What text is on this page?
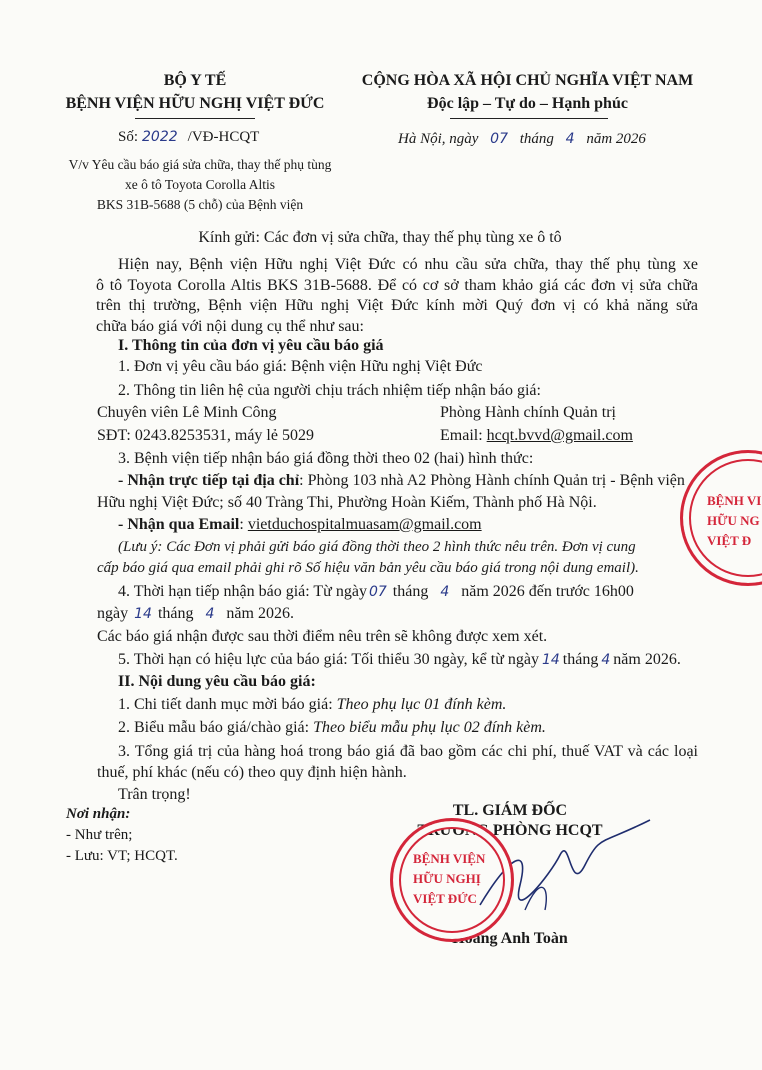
BỘ Y TẾ
BỆNH VIỆN HỮU NGHỊ VIỆT ĐỨC
CỘNG HÒA XÃ HỘI CHỦ NGHĨA VIỆT NAM
Độc lập – Tự do – Hạnh phúc
Số: 2022 /VĐ-HCQT	Hà Nội, ngày 07 tháng 4 năm 2026
V/v Yêu cầu báo giá sửa chữa, thay thế phụ tùng
xe ô tô Toyota Corolla Altis
BKS 31B-5688 (5 chỗ) của Bệnh viện
Kính gửi: Các đơn vị sửa chữa, thay thế phụ tùng xe ô tô
Hiện nay, Bệnh viện Hữu nghị Việt Đức có nhu cầu sửa chữa, thay thế phụ tùng xe
ô tô Toyota Corolla Altis BKS 31B-5688. Để có cơ sở tham khảo giá các đơn vị sửa chữa
trên thị trường, Bệnh viện Hữu nghị Việt Đức kính mời Quý đơn vị có khả năng sửa
chữa báo giá với nội dung cụ thể như sau:
I. Thông tin của đơn vị yêu cầu báo giá
1. Đơn vị yêu cầu báo giá: Bệnh viện Hữu nghị Việt Đức
2. Thông tin liên hệ của người chịu trách nhiệm tiếp nhận báo giá:
Chuyên viên Lê Minh Công	Phòng Hành chính Quản trị
SĐT: 0243.8253531, máy lẻ 5029	Email: hcqt.bvvd@gmail.com
3. Bệnh viện tiếp nhận báo giá đồng thời theo 02 (hai) hình thức:
- Nhận trực tiếp tại địa chỉ: Phòng 103 nhà A2 Phòng Hành chính Quản trị - Bệnh viện
Hữu nghị Việt Đức; số 40 Tràng Thi, Phường Hoàn Kiếm, Thành phố Hà Nội.
- Nhận qua Email: vietduchospitalmuasam@gmail.com
(Lưu ý: Các Đơn vị phải gửi báo giá đồng thời theo 2 hình thức nêu trên. Đơn vị cung
cấp báo giá qua email phải ghi rõ Số hiệu văn bản yêu cầu báo giá trong nội dung email).
4. Thời hạn tiếp nhận báo giá: Từ ngày 07 tháng 4 năm 2026 đến trước 16h00
ngày 14 tháng 4 năm 2026.
Các báo giá nhận được sau thời điểm nêu trên sẽ không được xem xét.
5. Thời hạn có hiệu lực của báo giá: Tối thiểu 30 ngày, kể từ ngày 14 tháng 4 năm 2026.
II. Nội dung yêu cầu báo giá:
1. Chi tiết danh mục mời báo giá: Theo phụ lục 01 đính kèm.
2. Biểu mẫu báo giá/chào giá: Theo biểu mẫu phụ lục 02 đính kèm.
3. Tổng giá trị của hàng hoá trong báo giá đã bao gồm các chi phí, thuế VAT và các loại
thuế, phí khác (nếu có) theo quy định hiện hành.
Trân trọng!
Nơi nhận:
- Như trên;
- Lưu: VT; HCQT.
TL. GIÁM ĐỐC
TRƯỞNG PHÒNG HCQT
Hoàng Anh Toàn
BỆNH VIỆN
HỮU NGHỊ
VIỆT ĐỨC
BỆNH VI
HỮU NG
VIỆT Đ
